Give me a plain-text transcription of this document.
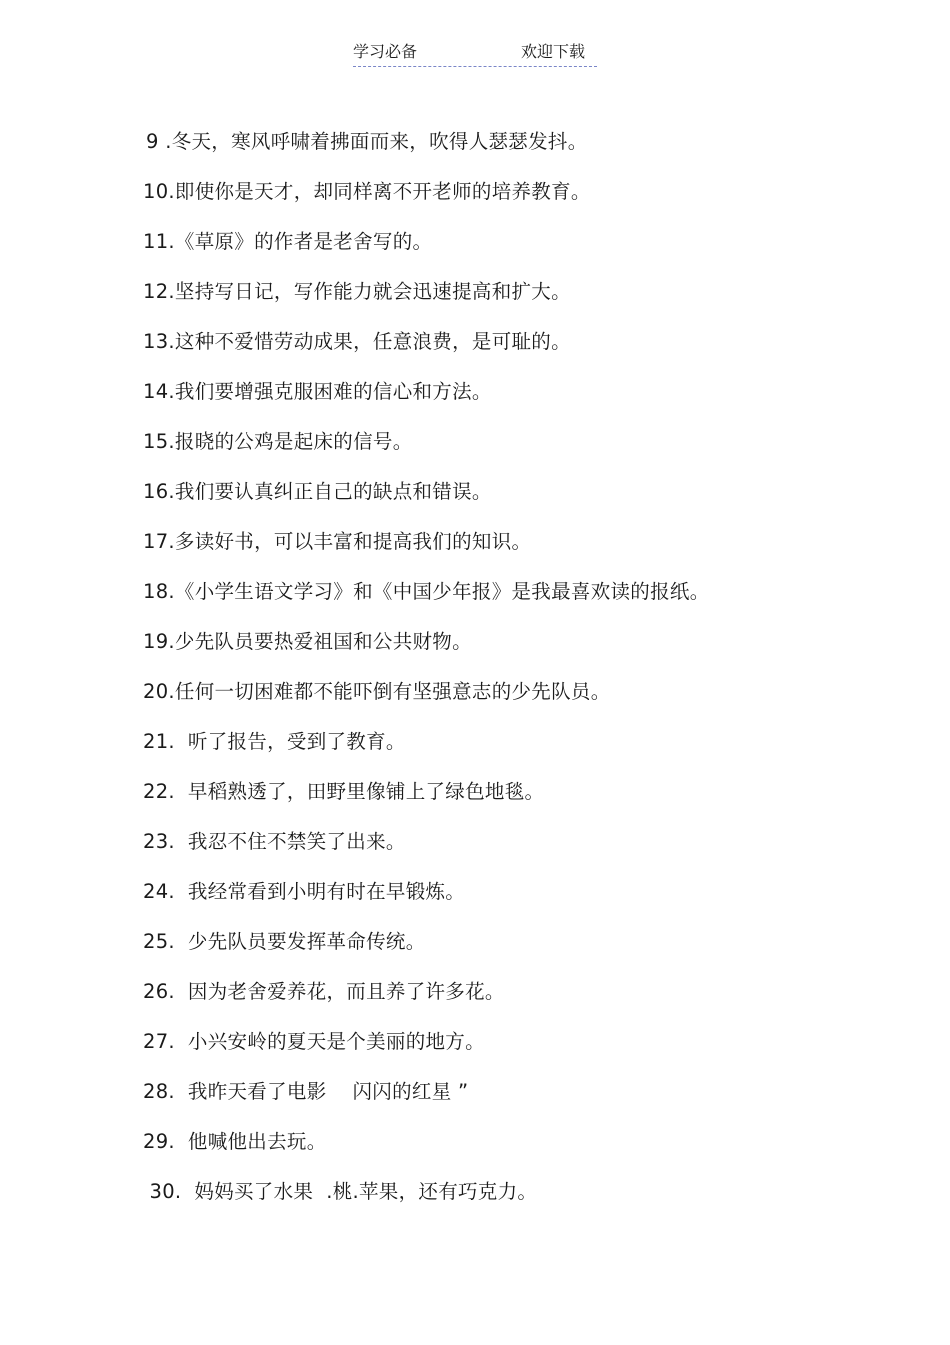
学习必备	欢迎下载
9 .冬天，寒风呼啸着拂面而来，吹得人瑟瑟发抖。
10.即使你是天才，却同样离不开老师的培养教育。
11.《草原》的作者是老舍写的。
12.坚持写日记，写作能力就会迅速提高和扩大。
13.这种不爱惜劳动成果，任意浪费，是可耻的。
14.我们要增强克服困难的信心和方法。
15.报晓的公鸡是起床的信号。
16.我们要认真纠正自己的缺点和错误。
17.多读好书，可以丰富和提高我们的知识。
18.《小学生语文学习》和《中国少年报》是我最喜欢读的报纸。
19.少先队员要热爱祖国和公共财物。
20.任何一切困难都不能吓倒有坚强意志的少先队员。
21.  听了报告，受到了教育。
22.  早稻熟透了，田野里像铺上了绿色地毯。
23.  我忍不住不禁笑了出来。
24.  我经常看到小明有时在早锻炼。
25.  少先队员要发挥革命传统。
26.  因为老舍爱养花，而且养了许多花。
27.  小兴安岭的夏天是个美丽的地方。
28.  我昨天看了电影    闪闪的红星 ”
29.  他喊他出去玩。
30.  妈妈买了水果  .桃.苹果，还有巧克力。
